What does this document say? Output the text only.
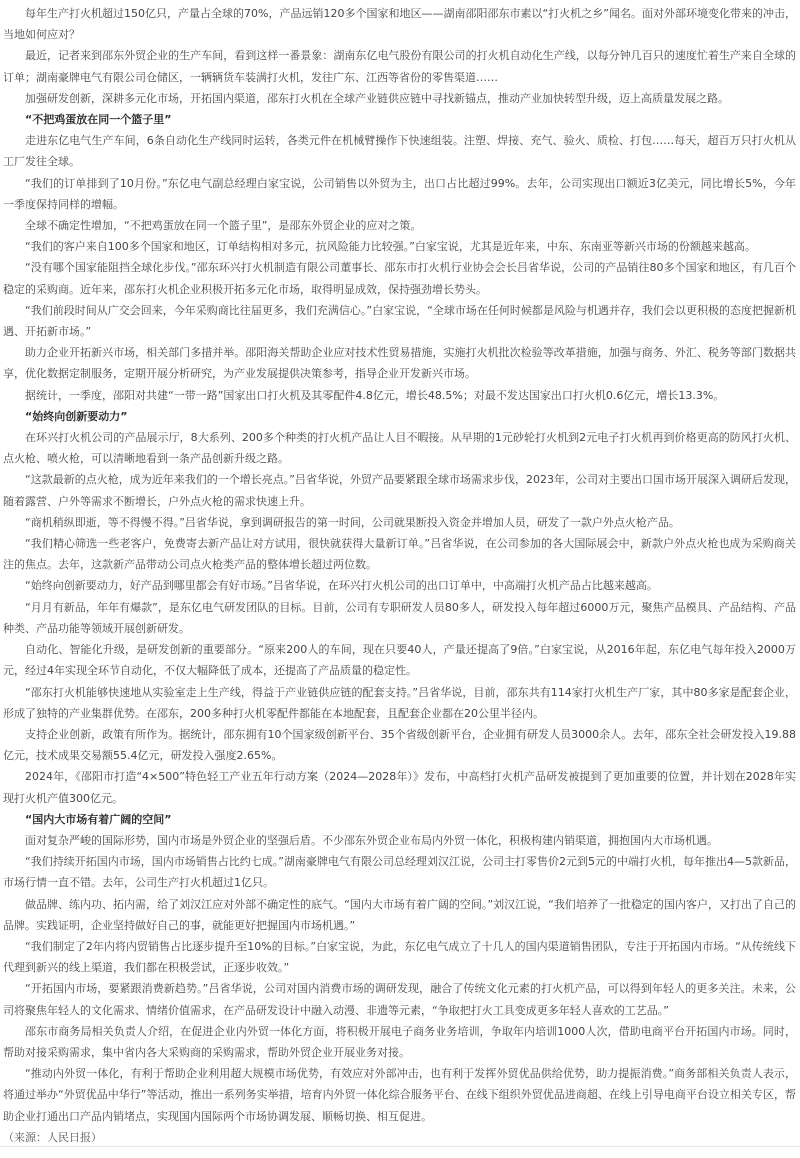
每年生产打火机超过150亿只，产量占全球的70%，产品远销120多个国家和地区——湖南邵阳邵东市素以“打火机之乡”闻名。面对外部环境变化带来的冲击，当地如何应对？

最近，记者来到邵东外贸企业的生产车间，看到这样一番景象：湖南东亿电气股份有限公司的打火机自动化生产线，以每分钟几百只的速度忙着生产来自全球的订单；湖南豪牌电气有限公司仓储区，一辆辆货车装满打火机，发往广东、江西等省份的零售渠道……

加强研发创新，深耕多元化市场，开拓国内渠道，邵东打火机在全球产业链供应链中寻找新锚点，推动产业加快转型升级，迈上高质量发展之路。

“不把鸡蛋放在同一个篮子里”

走进东亿电气生产车间，6条自动化生产线同时运转，各类元件在机械臂操作下快速组装。注塑、焊接、充气、验火、质检、打包……每天，超百万只打火机从工厂发往全球。

“我们的订单排到了10月份。”东亿电气副总经理白家宝说，公司销售以外贸为主，出口占比超过99%。去年，公司实现出口额近3亿美元，同比增长5%，今年一季度保持同样的增幅。

全球不确定性增加，“不把鸡蛋放在同一个篮子里”，是邵东外贸企业的应对之策。

“我们的客户来自100多个国家和地区，订单结构相对多元，抗风险能力比较强。”白家宝说，尤其是近年来，中东、东南亚等新兴市场的份额越来越高。

“没有哪个国家能阻挡全球化步伐。”邵东环兴打火机制造有限公司董事长、邵东市打火机行业协会会长吕省华说，公司的产品销往80多个国家和地区，有几百个稳定的采购商。近年来，邵东打火机企业积极开拓多元化市场，取得明显成效，保持强劲增长势头。

“我们前段时间从广交会回来，今年采购商比往届更多，我们充满信心。”白家宝说，“全球市场在任何时候都是风险与机遇并存，我们会以更积极的态度把握新机遇、开拓新市场。”

助力企业开拓新兴市场，相关部门多措并举。邵阳海关帮助企业应对技术性贸易措施，实施打火机批次检验等改革措施，加强与商务、外汇、税务等部门数据共享，优化数据定制服务，定期开展分析研究，为产业发展提供决策参考，指导企业开发新兴市场。

据统计，一季度，邵阳对共建“一带一路”国家出口打火机及其零配件4.8亿元，增长48.5%；对最不发达国家出口打火机0.6亿元，增长13.3%。

“始终向创新要动力”

在环兴打火机公司的产品展示厅，8大系列、200多个种类的打火机产品让人目不暇接。从早期的1元砂轮打火机到2元电子打火机再到价格更高的防风打火机、点火枪、喷火枪，可以清晰地看到一条产品创新升级之路。

“这款最新的点火枪，成为近年来我们的一个增长亮点。”吕省华说，外贸产品要紧跟全球市场需求步伐，2023年，公司对主要出口国市场开展深入调研后发现，随着露营、户外等需求不断增长，户外点火枪的需求快速上升。

“商机稍纵即逝，等不得慢不得。”吕省华说，拿到调研报告的第一时间，公司就果断投入资金并增加人员，研发了一款户外点火枪产品。

“我们精心筛选一些老客户，免费寄去新产品让对方试用，很快就获得大量新订单。”吕省华说，在公司参加的各大国际展会中，新款户外点火枪也成为采购商关注的焦点。去年，这款新产品带动公司点火枪类产品的整体增长超过两位数。

“始终向创新要动力，好产品到哪里都会有好市场。”吕省华说，在环兴打火机公司的出口订单中，中高端打火机产品占比越来越高。

“月月有新品，年年有爆款”，是东亿电气研发团队的目标。目前，公司有专职研发人员80多人，研发投入每年超过6000万元，聚焦产品模具、产品结构、产品种类、产品功能等领域开展创新研发。

自动化、智能化升级，是研发创新的重要部分。“原来200人的车间，现在只要40人，产量还提高了9倍。”白家宝说，从2016年起，东亿电气每年投入2000万元，经过4年实现全环节自动化，不仅大幅降低了成本，还提高了产品质量的稳定性。

“邵东打火机能够快速地从实验室走上生产线，得益于产业链供应链的配套支持。”吕省华说，目前，邵东共有114家打火机生产厂家，其中80多家是配套企业，形成了独特的产业集群优势。在邵东，200多种打火机零配件都能在本地配套，且配套企业都在20公里半径内。

支持企业创新，政策有所作为。据统计，邵东拥有10个国家级创新平台、35个省级创新平台，企业拥有研发人员3000余人。去年，邵东全社会研发投入19.88亿元，技术成果交易额55.4亿元，研发投入强度2.65%。

2024年，《邵阳市打造“4×500”特色轻工产业五年行动方案（2024—2028年）》发布，中高档打火机产品研发被提到了更加重要的位置，并计划在2028年实现打火机产值300亿元。

“国内大市场有着广阔的空间”

面对复杂严峻的国际形势，国内市场是外贸企业的坚强后盾。不少邵东外贸企业布局内外贸一体化，积极构建内销渠道，拥抱国内大市场机遇。

“我们持续开拓国内市场，国内市场销售占比约七成。”湖南豪牌电气有限公司总经理刘汉江说，公司主打零售价2元到5元的中端打火机，每年推出4—5款新品，市场行情一直不错。去年，公司生产打火机超过1亿只。

做品牌、练内功、拓内需，给了刘汉江应对外部不确定性的底气。“国内大市场有着广阔的空间。”刘汉江说，“我们培养了一批稳定的国内客户，又打出了自己的品牌。实践证明，企业坚持做好自己的事，就能更好把握国内市场机遇。”

“我们制定了2年内将内贸销售占比逐步提升至10%的目标。”白家宝说，为此，东亿电气成立了十几人的国内渠道销售团队，专注于开拓国内市场。“从传统线下代理到新兴的线上渠道，我们都在积极尝试，正逐步收效。”

“开拓国内市场，要紧跟消费新趋势。”吕省华说，公司对国内消费市场的调研发现，融合了传统文化元素的打火机产品，可以得到年轻人的更多关注。未来，公司将聚焦年轻人的文化需求、情绪价值需求，在产品研发设计中融入动漫、非遗等元素，“争取把打火工具变成更多年轻人喜欢的工艺品。”

邵东市商务局相关负责人介绍，在促进企业内外贸一体化方面，将积极开展电子商务业务培训，争取年内培训1000人次，借助电商平台开拓国内市场。同时，帮助对接采购需求，集中省内各大采购商的采购需求，帮助外贸企业开展业务对接。

“推动内外贸一体化，有利于帮助企业利用超大规模市场优势，有效应对外部冲击，也有利于发挥外贸优品供给优势，助力提振消费。”商务部相关负责人表示，将通过举办“外贸优品中华行”等活动，推出一系列务实举措，培育内外贸一体化综合服务平台、在线下组织外贸优品进商超、在线上引导电商平台设立相关专区，帮助企业打通出口产品内销堵点，实现国内国际两个市场协调发展、顺畅切换、相互促进。

（来源：人民日报）
